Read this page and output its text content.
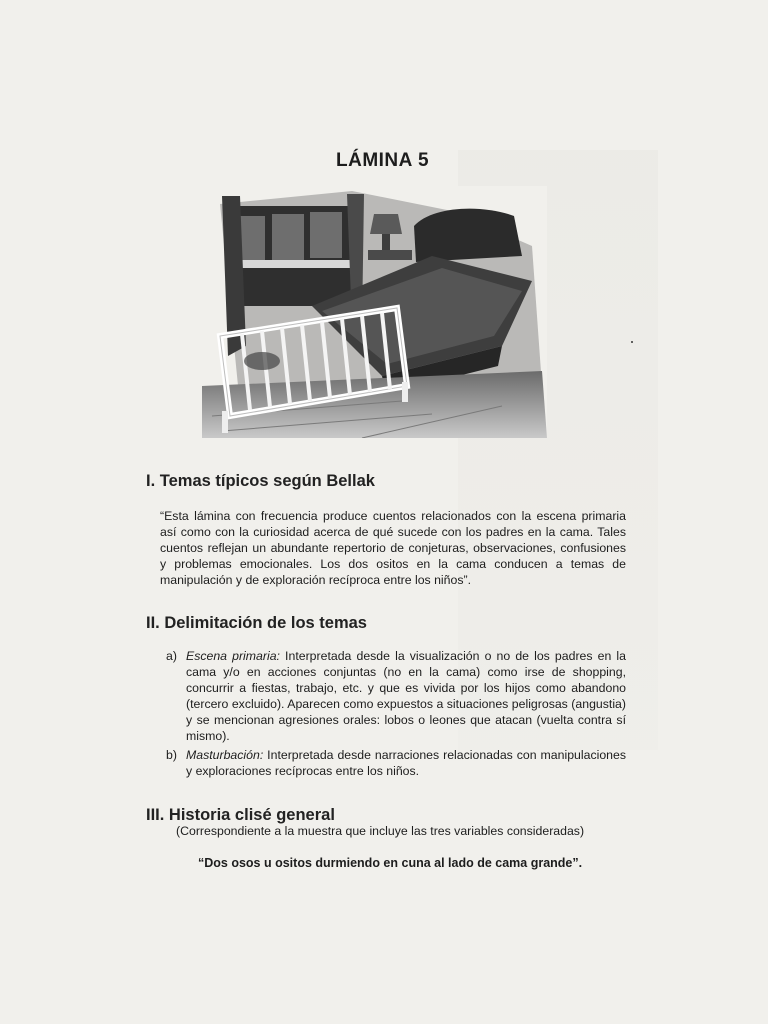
LÁMINA 5
I. Temas típicos según Bellak

“Esta lámina con frecuencia produce cuentos relacionados con la escena primaria así como con la curiosidad acerca de qué sucede con los padres en la cama. Tales cuentos reflejan un abundante repertorio de conjeturas, observaciones, confusiones y problemas emocionales. Los dos ositos en la cama conducen a temas de manipulación y de exploración recíproca entre los niños”.

II. Delimitación de los temas
a) Escena primaria: Interpretada desde la visualización o no de los padres en la cama y/o en acciones conjuntas (no en la cama) como irse de shopping, concurrir a fiestas, trabajo, etc. y que es vivida por los hijos como abandono (tercero excluido). Aparecen como expuestos a situaciones peligrosas (angustia) y se mencionan agresiones orales: lobos o leones que atacan (vuelta contra sí mismo).
b) Masturbación: Interpretada desde narraciones relacionadas con manipulaciones y exploraciones recíprocas entre los niños.
III. Historia clisé general

(Correspondiente a la muestra que incluye las tres variables consideradas)

“Dos osos u ositos durmiendo en cuna al lado de cama grande”.
